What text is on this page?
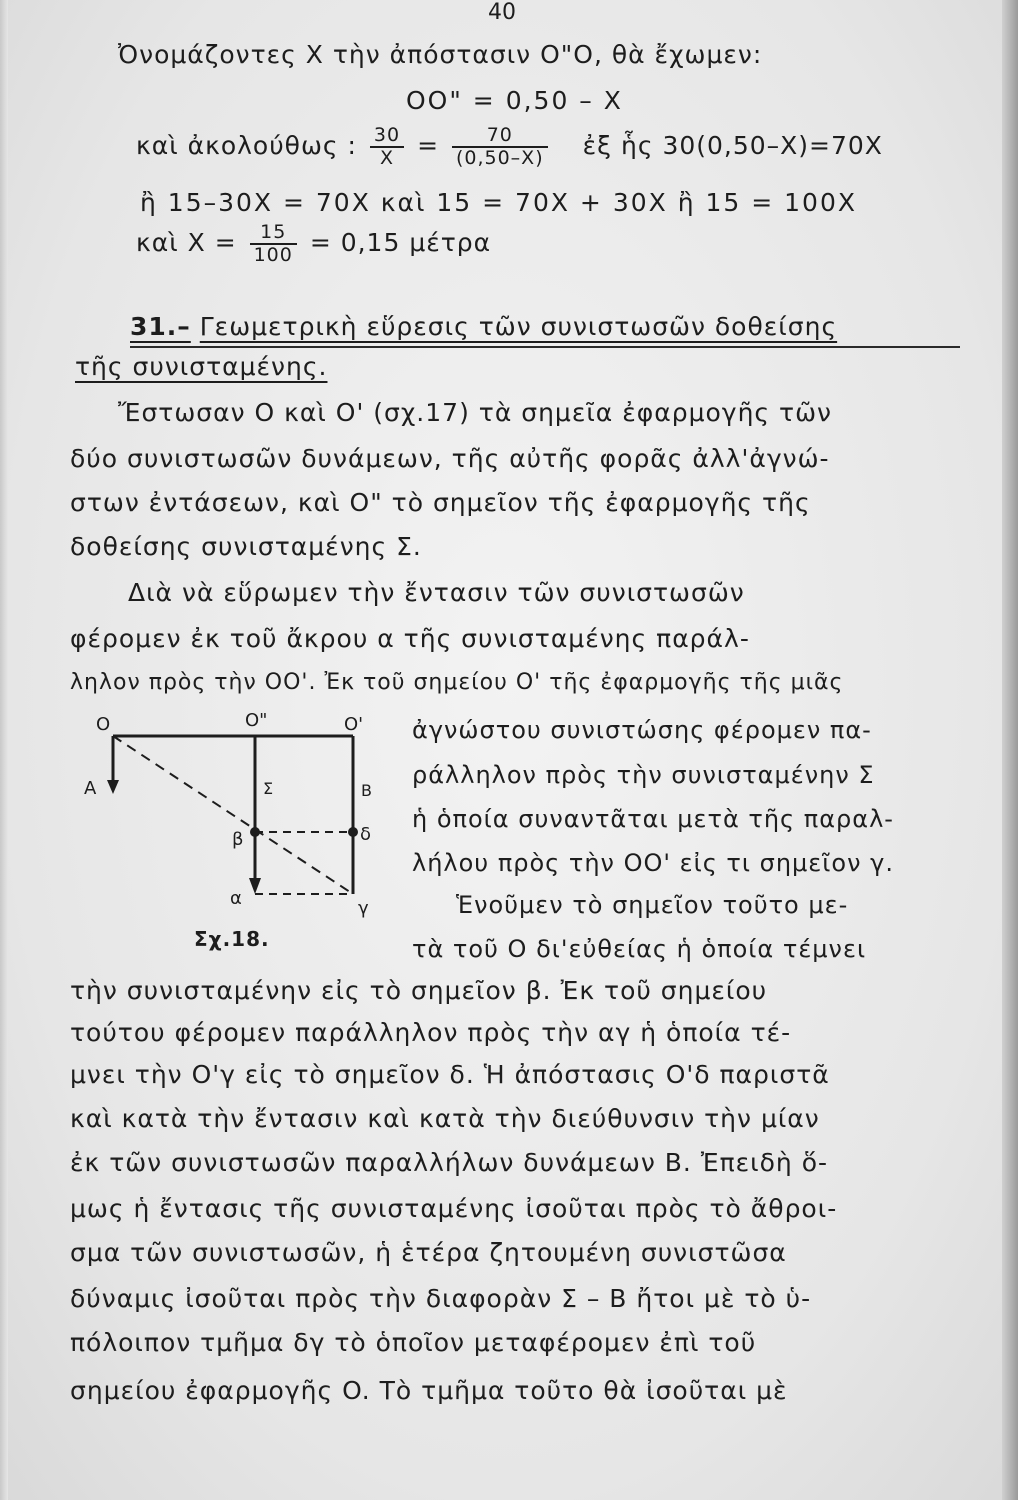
40
Ὀνομάζοντες X τὴν ἀπόστασιν O"O, θὰ ἔχωμεν:
OO" = 0,50 – X
καὶ ἀκολούθως : $\frac{30}{X} = \frac{70}{(0,50-X)}$ ἐξ ἧς 30(0,50–X)=70X
ἢ 15–30X = 70X καὶ 15 = 70X + 30X ἢ 15 = 100X
καὶ $X = \frac{15}{100} = 0,15$ μέτρα
31.– Γεωμετρικὴ εὕρεσις τῶν συνιστωσῶν δοθείσης
τῆς συνισταμένης.
Ἔστωσαν O καὶ O' (σχ.17) τὰ σημεῖα ἐφαρμογῆς τῶν
δύο συνιστωσῶν δυνάμεων, τῆς αὐτῆς φορᾶς ἀλλ'ἀγνώ-
στων ἐντάσεων, καὶ O" τὸ σημεῖον τῆς ἐφαρμογῆς τῆς
δοθείσης συνισταμένης Σ.
Διὰ νὰ εὕρωμεν τὴν ἔντασιν τῶν συνιστωσῶν
φέρομεν ἐκ τοῦ ἄκρου α τῆς συνισταμένης παράλ-
ληλον πρὸς τὴν OO'. Ἐκ τοῦ σημείου O' τῆς ἐφαρμογῆς τῆς μιᾶς
ἀγνώστου συνιστώσης φέρομεν πα-
ράλληλον πρὸς τὴν συνισταμένην Σ
ἡ ὁποία συναντᾶται μετὰ τῆς παραλ-
λήλου πρὸς τὴν OO' εἰς τι σημεῖον γ.
Ἑνοῦμεν τὸ σημεῖον τοῦτο με-
τὰ τοῦ O δι'εὐθείας ἡ ὁποία τέμνει
O	O"	O'
A	Σ	B
β	δ
α	γ
Σχ.18.
τὴν συνισταμένην εἰς τὸ σημεῖον β. Ἐκ τοῦ σημείου
τούτου φέρομεν παράλληλον πρὸς τὴν αγ ἡ ὁποία τέ-
μνει τὴν O'γ εἰς τὸ σημεῖον δ. Ἡ ἀπόστασις O'δ παριστᾶ
καὶ κατὰ τὴν ἔντασιν καὶ κατὰ τὴν διεύθυνσιν τὴν μίαν
ἐκ τῶν συνιστωσῶν παραλλήλων δυνάμεων B. Ἐπειδὴ ὅ-
μως ἡ ἔντασις τῆς συνισταμένης ἰσοῦται πρὸς τὸ ἄθροι-
σμα τῶν συνιστωσῶν, ἡ ἑτέρα ζητουμένη συνιστῶσα
δύναμις ἰσοῦται πρὸς τὴν διαφορὰν Σ – B ἤτοι μὲ τὸ ὑ-
πόλοιπον τμῆμα δγ τὸ ὁποῖον μεταφέρομεν ἐπὶ τοῦ
σημείου ἐφαρμογῆς O. Τὸ τμῆμα τοῦτο θὰ ἰσοῦται μὲ
